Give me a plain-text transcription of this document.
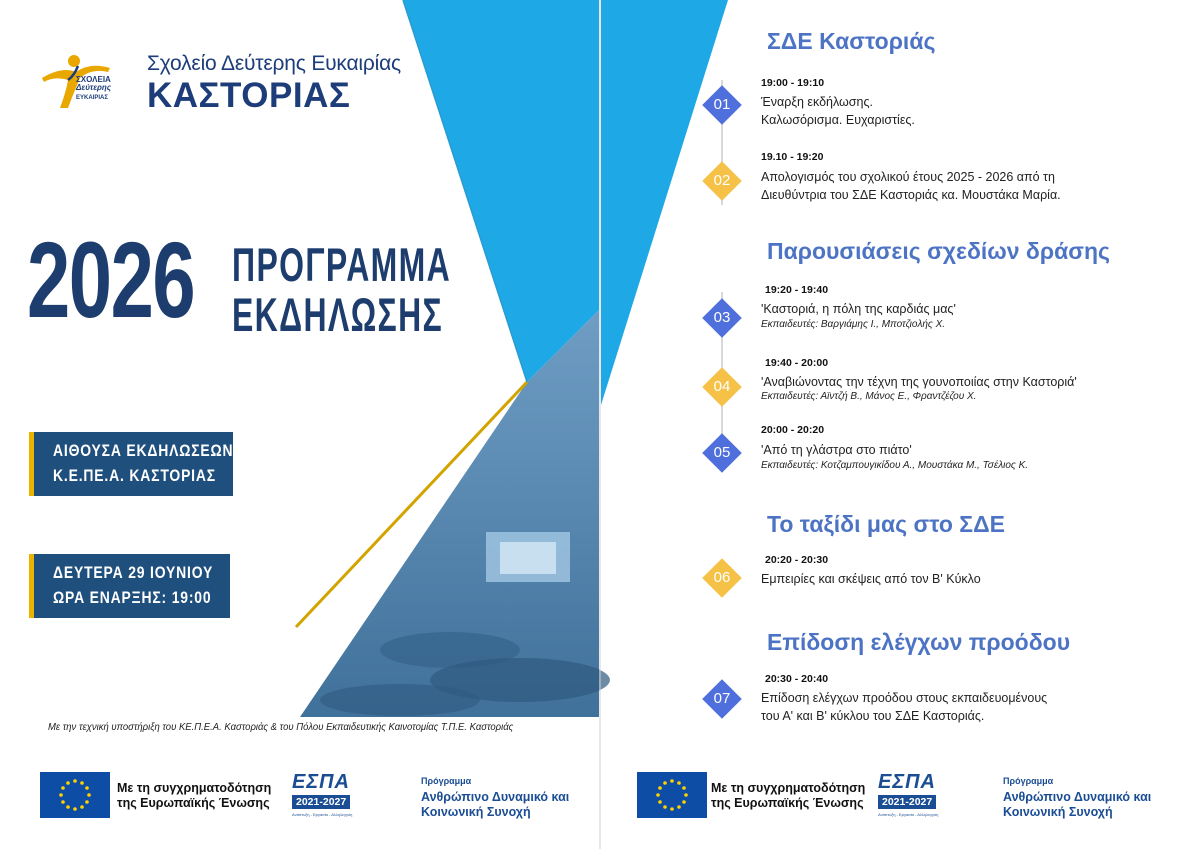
ΣΧΟΛΕΙΑ
Δεύτερης
ΕΥΚΑΙΡΙΑΣ
Σχολείο Δεύτερης Ευκαιρίας
ΚΑΣΤΟΡΙΑΣ
2026 ΠΡΟΓΡΑΜΜΑ
ΕΚΔΗΛΩΣΗΣ
ΑΙΘΟΥΣΑ ΕΚΔΗΛΩΣΕΩΝ
Κ.Ε.ΠΕ.Α. ΚΑΣΤΟΡΙΑΣ
ΔΕΥΤΕΡΑ 29 ΙΟΥΝΙΟΥ
ΩΡΑ ΕΝΑΡΞΗΣ: 19:00
Με την τεχνική υποστήριξη του ΚΕ.Π.Ε.Α. Καστοριάς & του Πόλου Εκπαιδευτικής Καινοτομίας Τ.Π.Ε. Καστοριάς
Με τη συγχρηματοδότηση
της Ευρωπαϊκής Ένωσης
ΕΣΠΑ
2021-2027
Ανάπτυξη - Εργασία - Αλληλεγγύη
Πρόγραμμα
Ανθρώπινο Δυναμικό και
Κοινωνική Συνοχή
Με τη συγχρηματοδότηση
της Ευρωπαϊκής Ένωσης
ΕΣΠΑ
2021-2027
Ανάπτυξη - Εργασία - Αλληλεγγύη
Πρόγραμμα
Ανθρώπινο Δυναμικό και
Κοινωνική Συνοχή
ΣΔΕ Καστοριάς
Παρουσιάσεις σχεδίων δράσης
Το ταξίδι μας στο ΣΔΕ
Επίδοση ελέγχων προόδου
01
19:00 - 19:10
Έναρξη εκδήλωσης.
Καλωσόρισμα. Ευχαριστίες.
02
19.10 - 19:20
Απολογισμός του σχολικού έτους 2025 - 2026 από τη
Διευθύντρια του ΣΔΕ Καστοριάς κα. Μουστάκα Μαρία.
03
19:20 - 19:40
'Καστοριά, η πόλη της καρδιάς μας'
Εκπαιδευτές: Βαργιάμης Ι., Μποτζιολής Χ.
04
19:40 - 20:00
'Αναβιώνοντας την τέχνη της γουνοποιίας στην Καστοριά'
Εκπαιδευτές: Αϊντζή Β., Μάνος Ε., Φραντζέζου Χ.
05
20:00 - 20:20
'Από τη γλάστρα στο πιάτο'
Εκπαιδευτές: Κοτζαμπουγικίδου Α., Μουστάκα Μ., Τσέλιος Κ.
06
20:20 - 20:30
Εμπειρίες και σκέψεις από τον Β' Κύκλο
07
20:30 - 20:40
Επίδοση ελέγχων προόδου στους εκπαιδευομένους
του Α' και Β' κύκλου του ΣΔΕ Καστοριάς.
